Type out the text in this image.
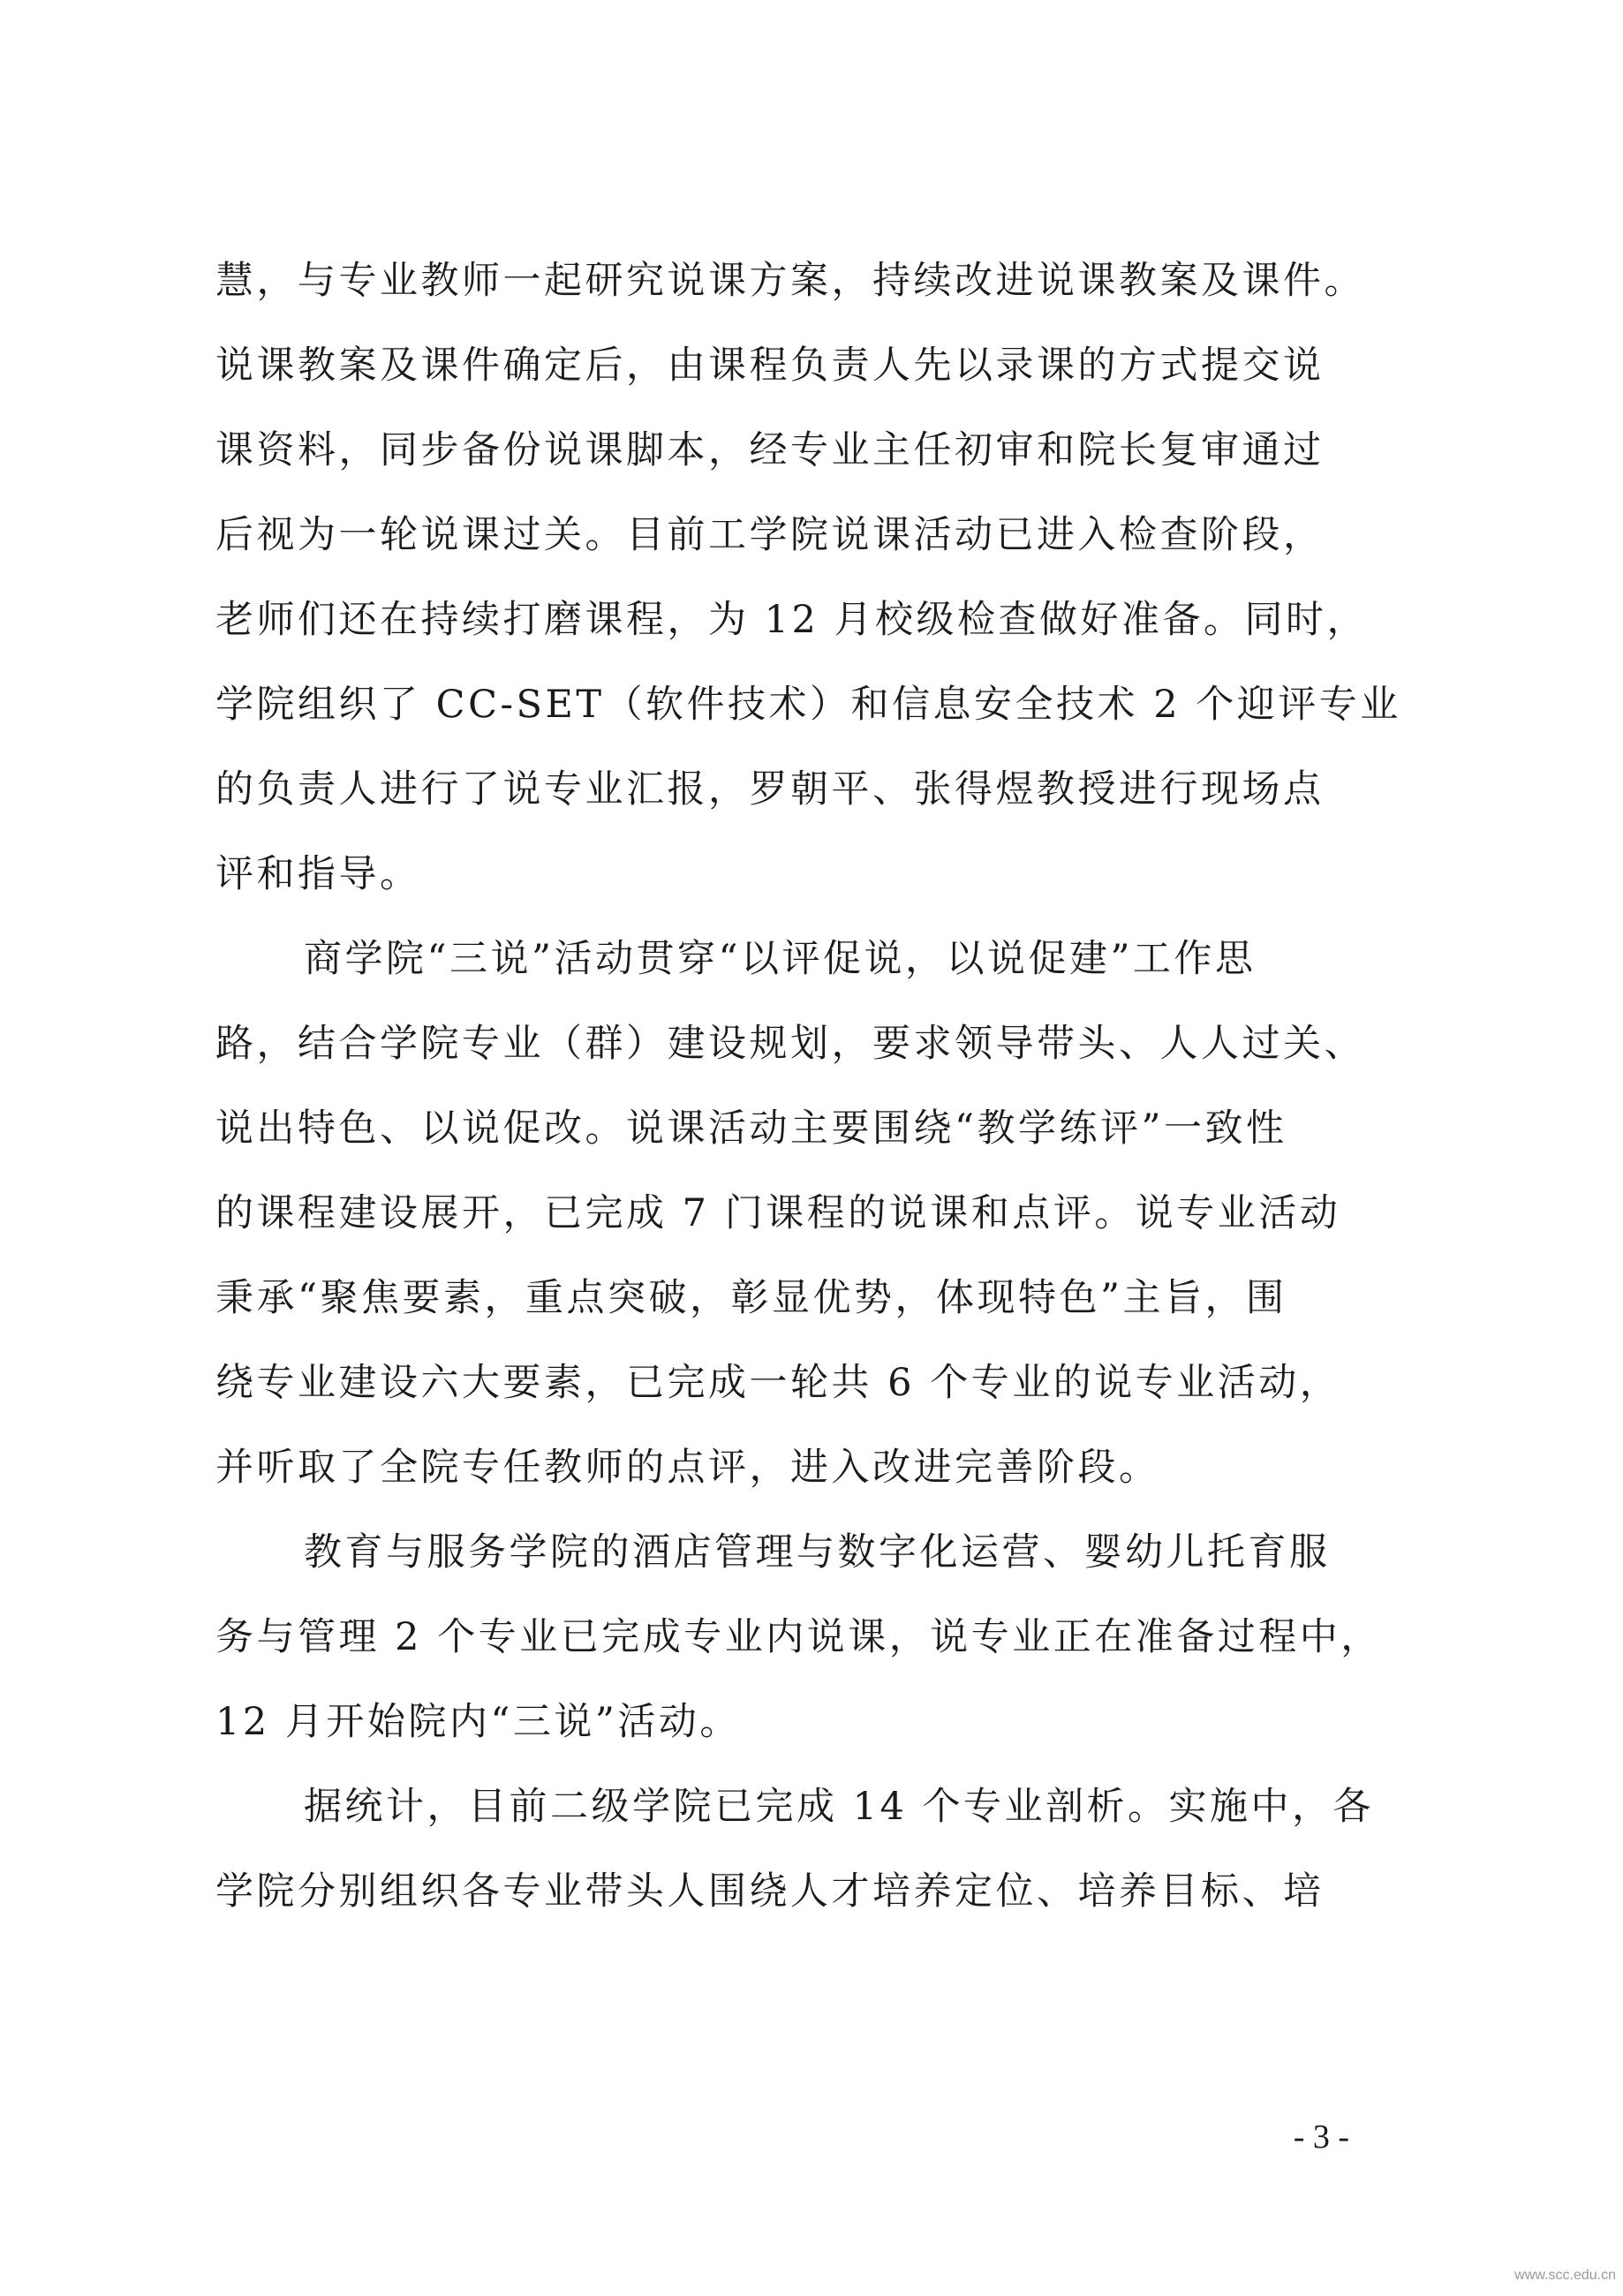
慧，与专业教师一起研究说课方案，持续改进说课教案及课件。
说课教案及课件确定后，由课程负责人先以录课的方式提交说
课资料，同步备份说课脚本，经专业主任初审和院长复审通过
后视为一轮说课过关。目前工学院说课活动已进入检查阶段，
老师们还在持续打磨课程，为 12 月校级检查做好准备。同时，
学院组织了 CC-SET（软件技术）和信息安全技术 2 个迎评专业
的负责人进行了说专业汇报，罗朝平、张得煜教授进行现场点
评和指导。
商学院“三说”活动贯穿“以评促说，以说促建”工作思
路，结合学院专业（群）建设规划，要求领导带头、人人过关、
说出特色、以说促改。说课活动主要围绕“教学练评”一致性
的课程建设展开，已完成 7 门课程的说课和点评。说专业活动
秉承“聚焦要素，重点突破，彰显优势，体现特色”主旨，围
绕专业建设六大要素，已完成一轮共 6 个专业的说专业活动，
并听取了全院专任教师的点评，进入改进完善阶段。
教育与服务学院的酒店管理与数字化运营、婴幼儿托育服
务与管理 2 个专业已完成专业内说课，说专业正在准备过程中，
12 月开始院内“三说”活动。
据统计，目前二级学院已完成 14 个专业剖析。实施中，各
学院分别组织各专业带头人围绕人才培养定位、培养目标、培
- 3 -
www.scc.edu.cn
